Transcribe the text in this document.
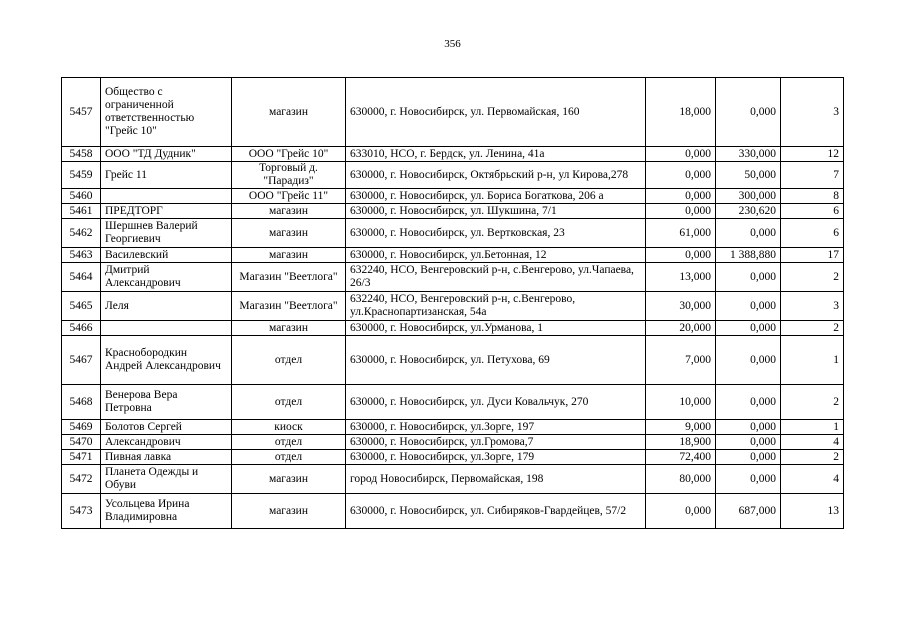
356
5457	Общество с ограниченной ответственностью "Грейс 10"	магазин	630000, г. Новосибирск, ул. Первомайская, 160	18,000	0,000	3
5458	ООО "ТД Дудник"	ООО "Грейс 10"	633010, НСО, г. Бердск, ул. Ленина, 41а	0,000	330,000	12
5459	Грейс 11	Торговый д. "Парадиз"	630000, г. Новосибирск, Октябрьский р-н, ул Кирова,278	0,000	50,000	7
5460		ООО "Грейс 11"	630000, г. Новосибирск, ул. Бориса Богаткова, 206 а	0,000	300,000	8
5461	ПРЕДТОРГ	магазин	630000, г. Новосибирск, ул. Шукшина, 7/1	0,000	230,620	6
5462	Шершнев Валерий Георгиевич	магазин	630000, г. Новосибирск, ул. Вертковская, 23	61,000	0,000	6
5463	Василевский	магазин	630000, г. Новосибирск, ул.Бетонная, 12	0,000	1 388,880	17
5464	Дмитрий Александрович	Магазин "Веетлога"	632240, НСО, Венгеровский р-н, с.Венгерово, ул.Чапаева, 26/3	13,000	0,000	2
5465	Леля	Магазин "Веетлога"	632240, НСО, Венгеровский р-н, с.Венгерово, ул.Краснопартизанская, 54а	30,000	0,000	3
5466		магазин	630000, г. Новосибирск, ул.Урманова, 1	20,000	0,000	2
5467	Краснобородкин Андрей Александрович	отдел	630000, г. Новосибирск, ул. Петухова, 69	7,000	0,000	1
5468	Венерова Вера Петровна	отдел	630000, г. Новосибирск, ул. Дуси Ковальчук, 270	10,000	0,000	2
5469	Болотов Сергей	киоск	630000, г. Новосибирск, ул.Зорге, 197	9,000	0,000	1
5470	Александрович	отдел	630000, г. Новосибирск, ул.Громова,7	18,900	0,000	4
5471	Пивная лавка	отдел	630000, г. Новосибирск, ул.Зорге, 179	72,400	0,000	2
5472	Планета Одежды и Обуви	магазин	город Новосибирск, Первомайская, 198	80,000	0,000	4
5473	Усольцева Ирина Владимировна	магазин	630000, г. Новосибирск, ул. Сибиряков-Гвардейцев, 57/2	0,000	687,000	13
